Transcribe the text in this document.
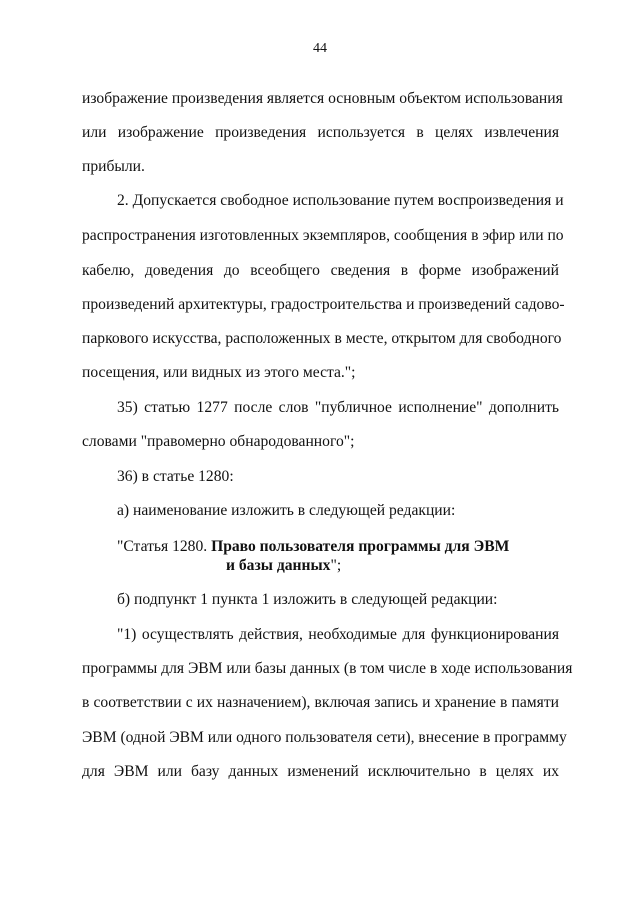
44
изображение произведения является основным объектом использования
или изображение произведения используется в целях извлечения
прибыли.
2. Допускается свободное использование путем воспроизведения и
распространения изготовленных экземпляров, сообщения в эфир или по
кабелю, доведения до всеобщего сведения в форме изображений
произведений архитектуры, градостроительства и произведений садово-
паркового искусства, расположенных в месте, открытом для свободного
посещения, или видных из этого места.";
35) статью 1277 после слов "публичное исполнение" дополнить
словами "правомерно обнародованного";
36) в статье 1280:
а) наименование изложить в следующей редакции:
"Статья 1280. Право пользователя программы для ЭВМ
и базы данных";
б) подпункт 1 пункта 1 изложить в следующей редакции:
"1) осуществлять действия, необходимые для функционирования
программы для ЭВМ или базы данных (в том числе в ходе использования
в соответствии с их назначением), включая запись и хранение в памяти
ЭВМ (одной ЭВМ или одного пользователя сети), внесение в программу
для ЭВМ или базу данных изменений исключительно в целях их
